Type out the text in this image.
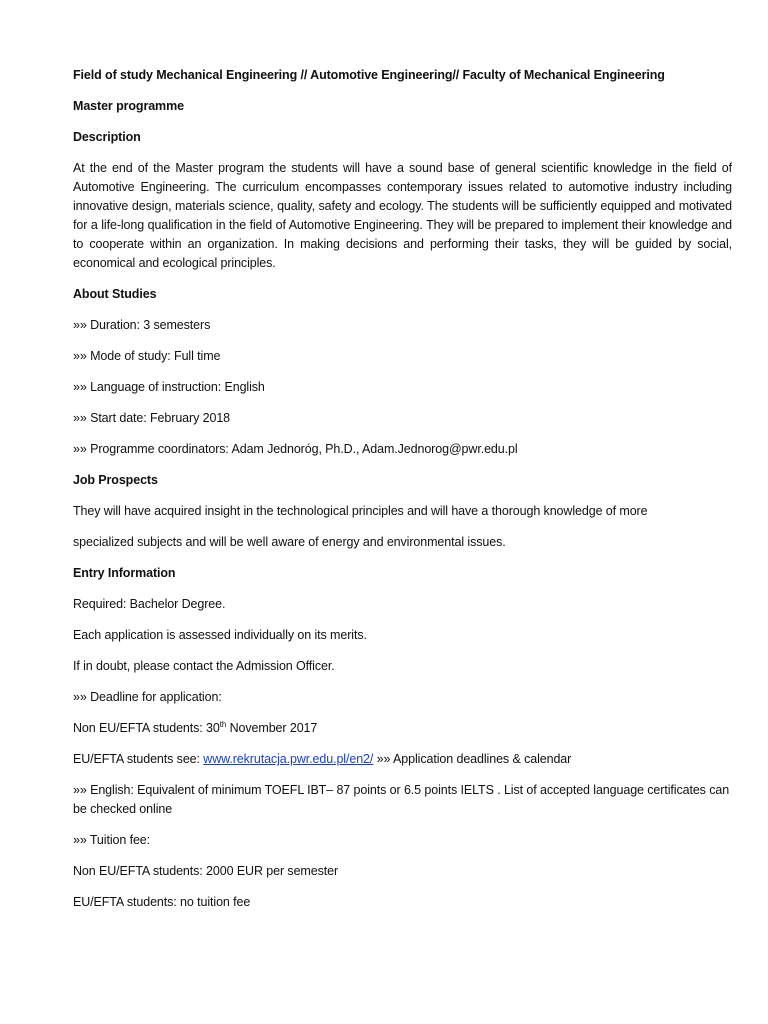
Field of study Mechanical Engineering // Automotive Engineering// Faculty of Mechanical Engineering

Master programme

Description

At the end of the Master program the students will have a sound base of general scientific knowledge in the field of Automotive Engineering. The curriculum encompasses contemporary issues related to automotive industry including innovative design, materials science, quality, safety and ecology. The students will be sufficiently equipped and motivated for a life-long qualification in the field of Automotive Engineering. They will be prepared to implement their knowledge and to cooperate within an organization. In making decisions and performing their tasks, they will be guided by social, economical and ecological principles.

About Studies

»» Duration: 3 semesters

»» Mode of study: Full time

»» Language of instruction: English

»» Start date: February 2018

»» Programme coordinators: Adam Jednoróg, Ph.D., Adam.Jednorog@pwr.edu.pl

Job Prospects

They will have acquired insight in the technological principles and will have a thorough knowledge of more

specialized subjects and will be well aware of energy and environmental issues.

Entry Information

Required: Bachelor Degree.

Each application is assessed individually on its merits.

If in doubt, please contact the Admission Officer.

»» Deadline for application:

Non EU/EFTA students: 30th November 2017

EU/EFTA students see: www.rekrutacja.pwr.edu.pl/en2/ »» Application deadlines & calendar

»» English: Equivalent of minimum TOEFL IBT– 87 points or 6.5 points IELTS . List of accepted language certificates can be checked online

»» Tuition fee:

Non EU/EFTA students: 2000 EUR per semester

EU/EFTA students: no tuition fee
